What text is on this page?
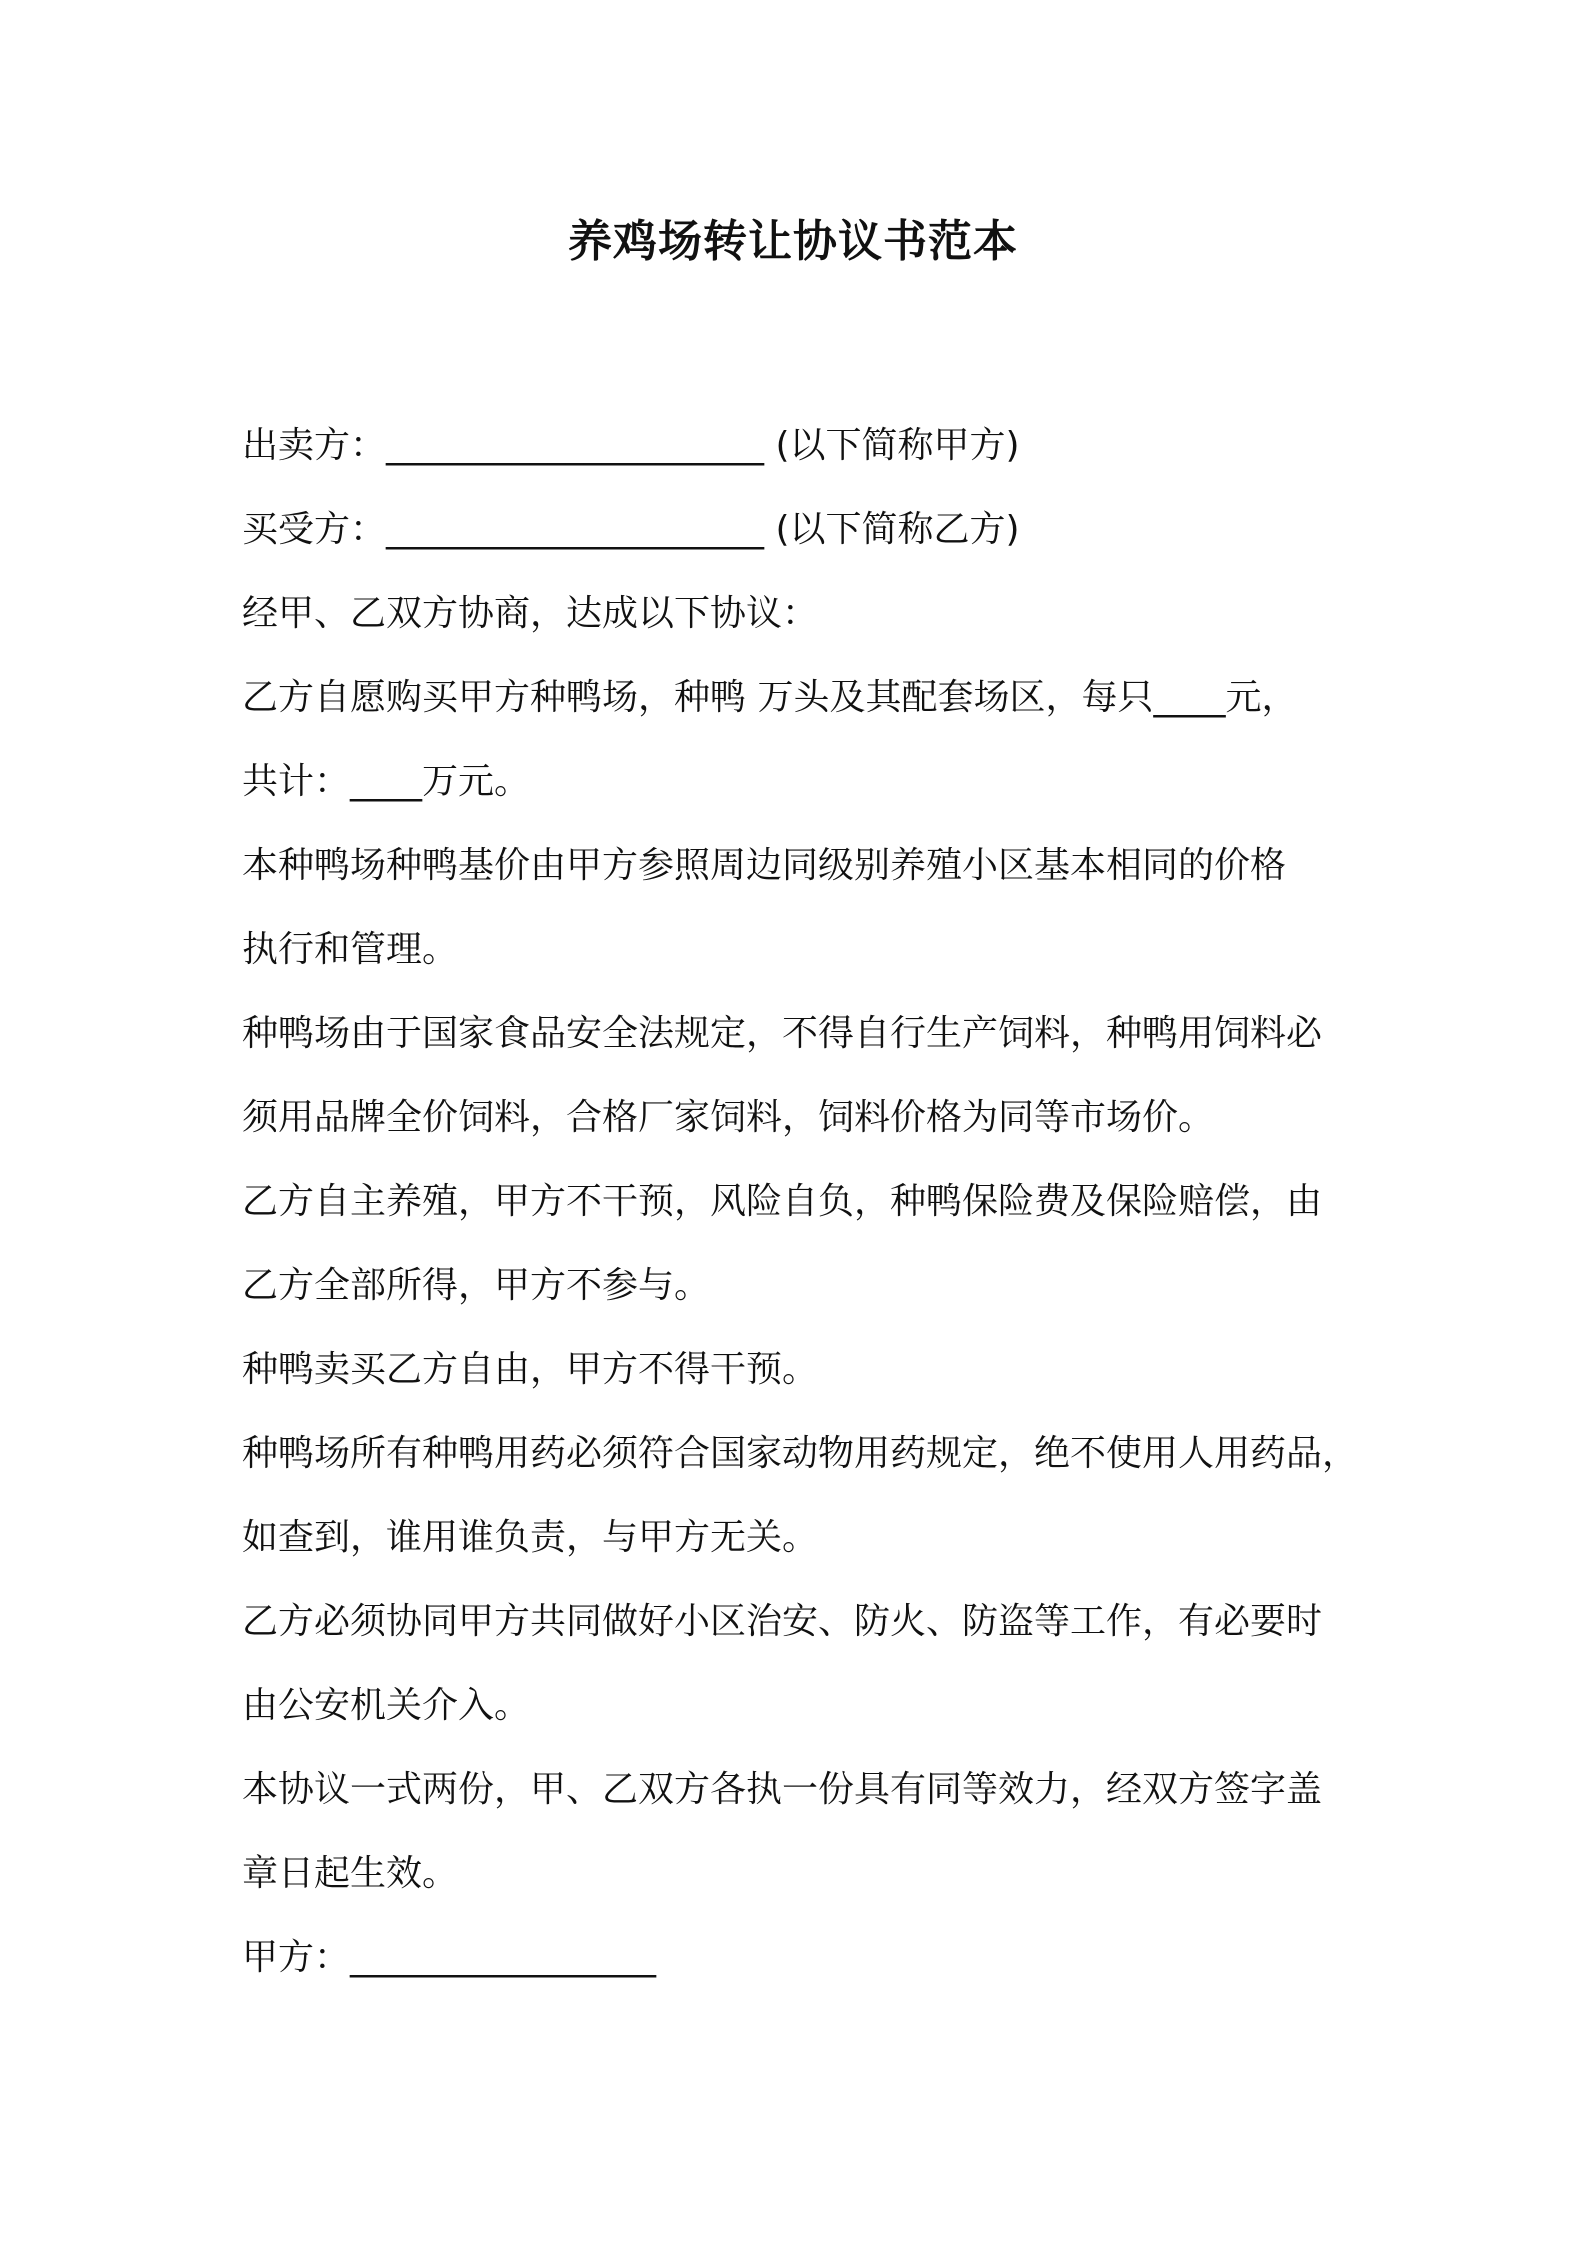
养鸡场转让协议书范本
出卖方：_____________________ (以下简称甲方)
买受方：_____________________ (以下简称乙方)
经甲、乙双方协商，达成以下协议：
乙方自愿购买甲方种鸭场，种鸭 万头及其配套场区，每只____元，
共计：____万元。
本种鸭场种鸭基价由甲方参照周边同级别养殖小区基本相同的价格
执行和管理。
种鸭场由于国家食品安全法规定，不得自行生产饲料，种鸭用饲料必
须用品牌全价饲料，合格厂家饲料，饲料价格为同等市场价。
乙方自主养殖，甲方不干预，风险自负，种鸭保险费及保险赔偿，由
乙方全部所得，甲方不参与。
种鸭卖买乙方自由，甲方不得干预。
种鸭场所有种鸭用药必须符合国家动物用药规定，绝不使用人用药品，
如查到，谁用谁负责，与甲方无关。
乙方必须协同甲方共同做好小区治安、防火、防盗等工作，有必要时
由公安机关介入。
本协议一式两份，甲、乙双方各执一份具有同等效力，经双方签字盖
章日起生效。
甲方：_________________
